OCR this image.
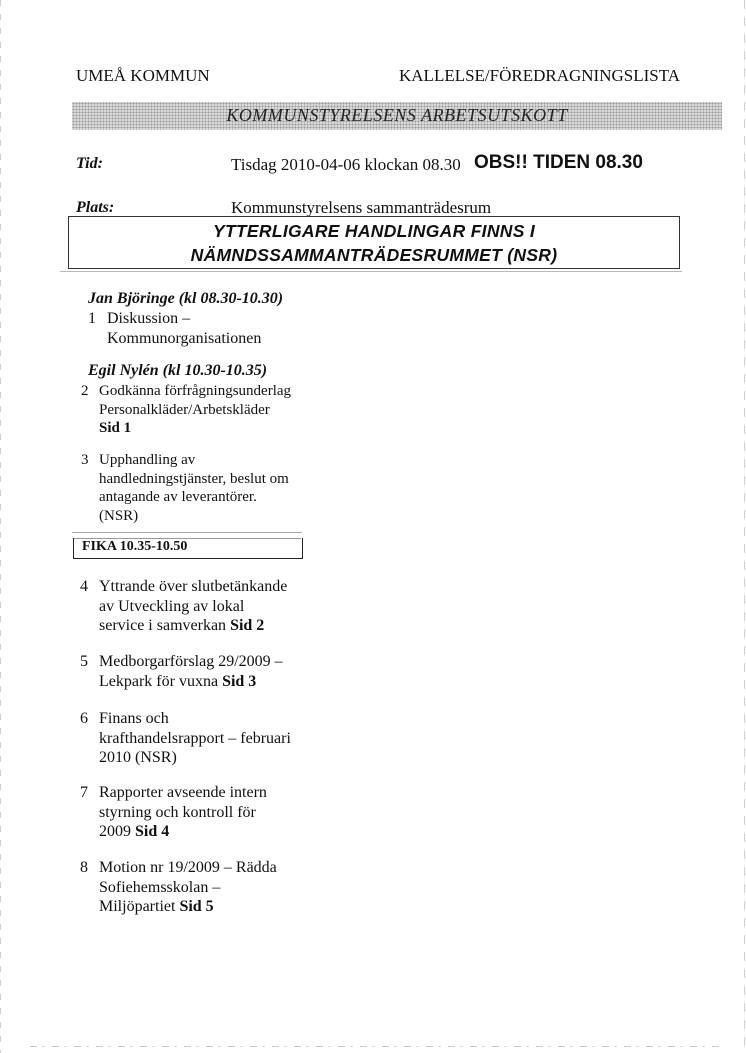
UMEÅ KOMMUN	KALLELSE/FÖREDRAGNINGSLISTA
KOMMUNSTYRELSENS ARBETSUTSKOTT
Tid:	Tisdag 2010-04-06 klockan 08.30 OBS!! TIDEN 08.30
Plats:	Kommunstyrelsens sammanträdesrum
YTTERLIGARE HANDLINGAR FINNS I
NÄMNDSSAMMANTRÄDESRUMMET (NSR)
Jan Björinge (kl 08.30-10.30)
1 Diskussion –
Kommunorganisationen
Egil Nylén (kl 10.30-10.35)
2 Godkänna förfrågningsunderlag
Personalkläder/Arbetskläder
Sid 1
3 Upphandling av
handledningstjänster, beslut om
antagande av leverantörer.
(NSR)
FIKA 10.35-10.50
4 Yttrande över slutbetänkande
av Utveckling av lokal
service i samverkan Sid 2
5 Medborgarförslag 29/2009 –
Lekpark för vuxna Sid 3
6 Finans och
krafthandelsrapport – februari
2010 (NSR)
7 Rapporter avseende intern
styrning och kontroll för
2009 Sid 4
8 Motion nr 19/2009 – Rädda
Sofiehemsskolan –
Miljöpartiet Sid 5
